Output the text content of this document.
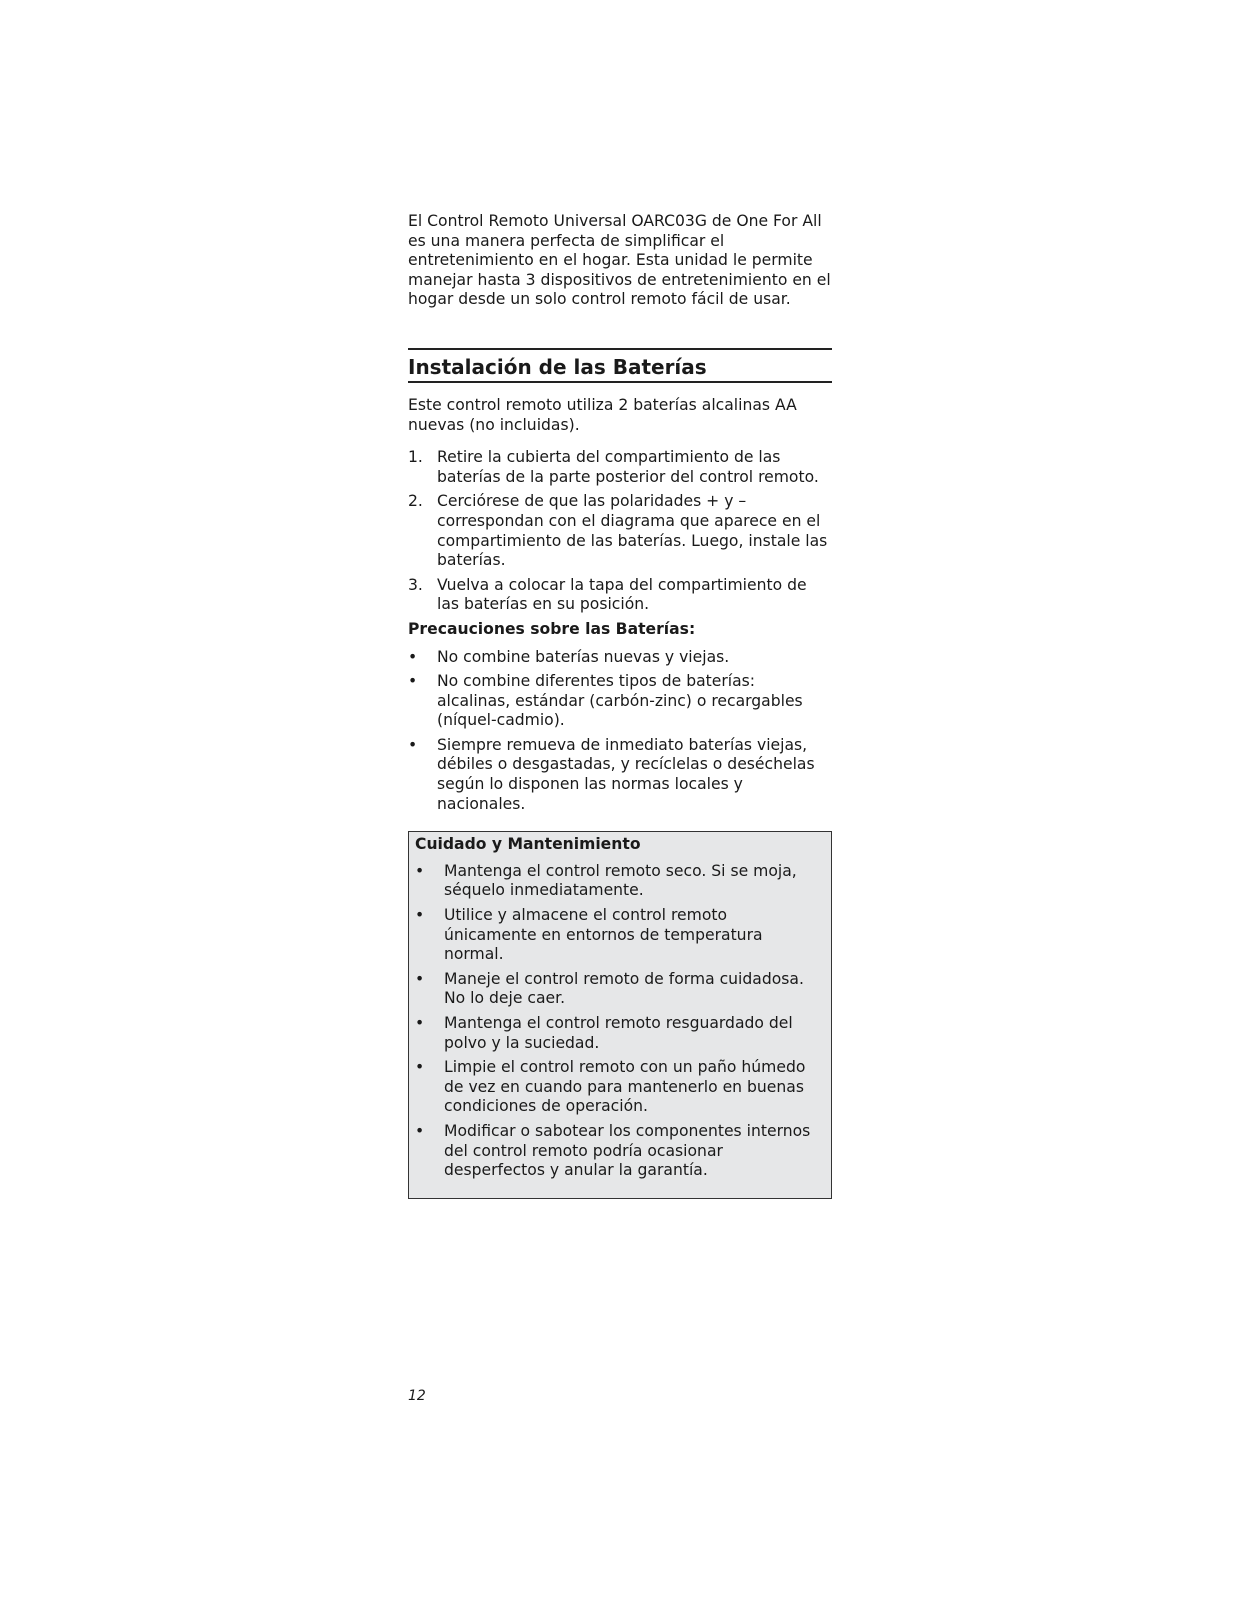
El Control Remoto Universal OARC03G de One For All es una manera perfecta de simplificar el entretenimiento en el hogar. Esta unidad le permite manejar hasta 3 dispositivos de entretenimiento en el hogar desde un solo control remoto fácil de usar.

Instalación de las Baterías

Este control remoto utiliza 2 baterías alcalinas AA nuevas (no incluidas).

1. Retire la cubierta del compartimiento de las baterías de la parte posterior del control remoto.
2. Cerciórese de que las polaridades + y – correspondan con el diagrama que aparece en el compartimiento de las baterías. Luego, instale las baterías.
3. Vuelva a colocar la tapa del compartimiento de las baterías en su posición.

Precauciones sobre las Baterías:

• No combine baterías nuevas y viejas.
• No combine diferentes tipos de baterías: alcalinas, estándar (carbón-zinc) o recargables (níquel-cadmio).
• Siempre remueva de inmediato baterías viejas, débiles o desgastadas, y recíclelas o deséchelas según lo disponen las normas locales y nacionales.

Cuidado y Mantenimiento

• Mantenga el control remoto seco. Si se moja, séquelo inmediatamente.
• Utilice y almacene el control remoto únicamente en entornos de temperatura normal.
• Maneje el control remoto de forma cuidadosa. No lo deje caer.
• Mantenga el control remoto resguardado del polvo y la suciedad.
• Limpie el control remoto con un paño húmedo de vez en cuando para mantenerlo en buenas condiciones de operación.
• Modificar o sabotear los componentes internos del control remoto podría ocasionar desperfectos y anular la garantía.
12
